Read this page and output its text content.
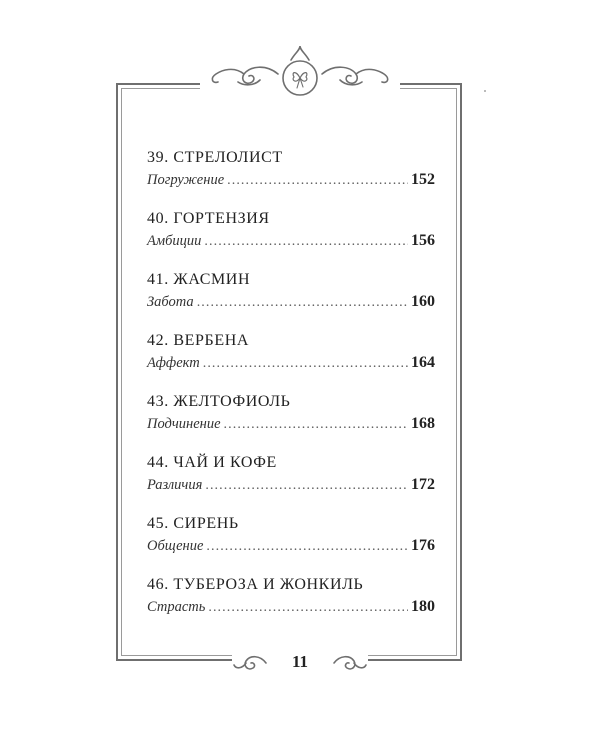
39. СТРЕЛОЛИСТ
Погружение .....	152
40. ГОРТЕНЗИЯ
Амбиции .....	156
41. ЖАСМИН
Забота .....	160
42. ВЕРБЕНА
Аффект .....	164
43. ЖЕЛТОФИОЛЬ
Подчинение .....	168
44. ЧАЙ И КОФЕ
Различия .....	172
45. СИРЕНЬ
Общение .....	176
46. ТУБЕРОЗА И ЖОНКИЛЬ
Страсть .....	180
11
